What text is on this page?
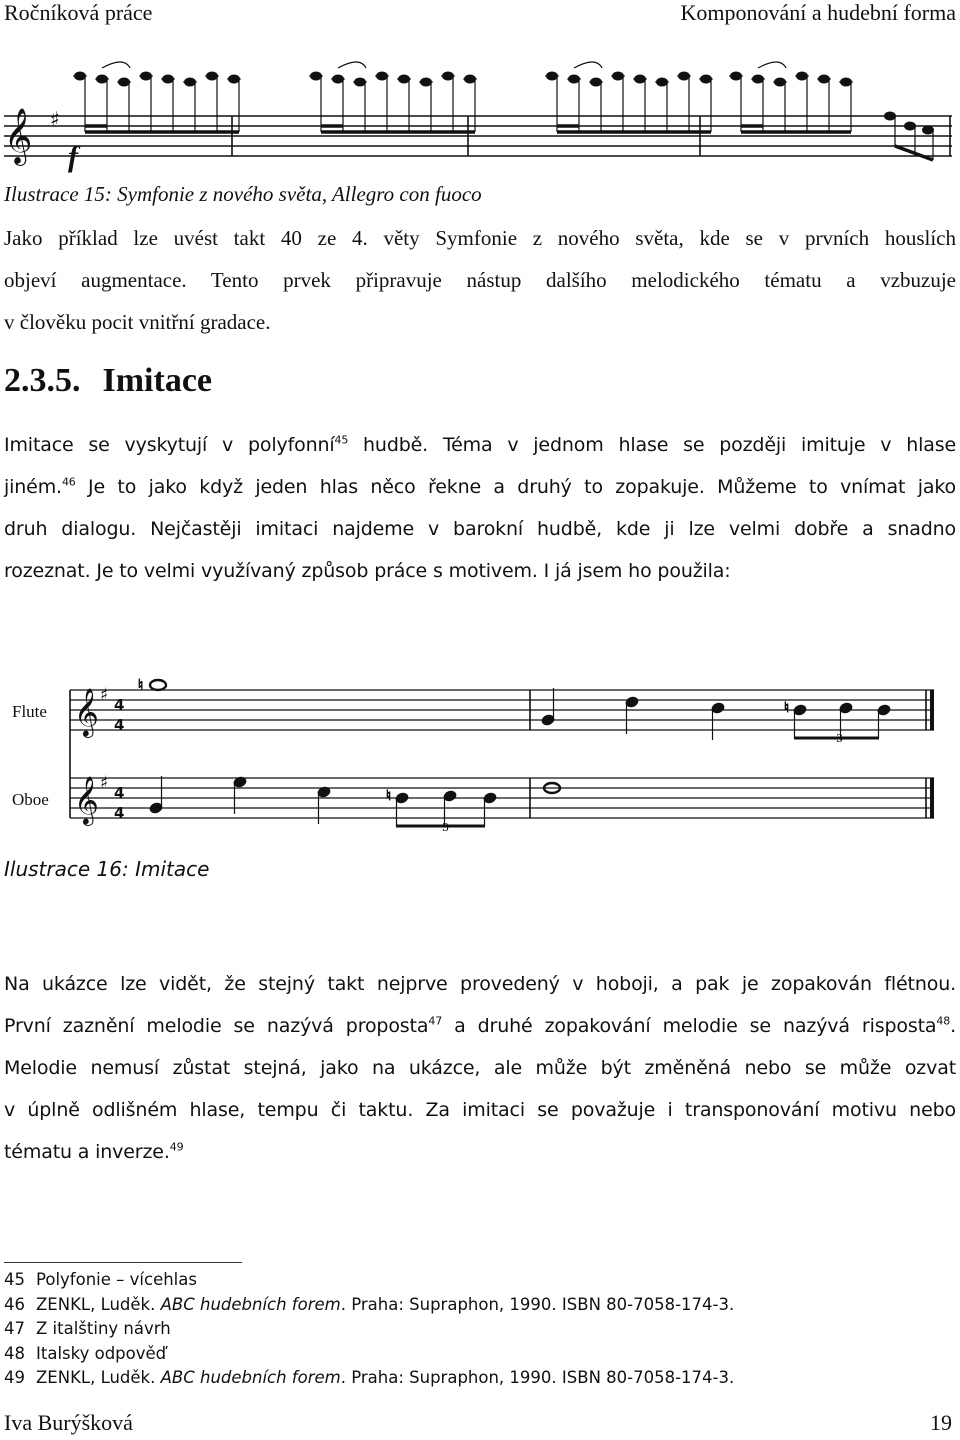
Ročníková práce	Komponování a hudební forma
𝄞 ♯
f
Ilustrace 15: Symfonie z nového světa, Allegro con fuoco
Jako příklad lze uvést takt 40 ze 4. věty Symfonie z nového světa, kde se v prvních houslích
objeví augmentace. Tento prvek připravuje nástup dalšího melodického tématu a vzbuzuje
v člověku pocit vnitřní gradace.
2.3.5. Imitace
Imitace se vyskytují v polyfonní$^{45}$ hudbě. Téma v jednom hlase se později imituje v hlase
jiném.$^{46}$ Je to jako když jeden hlas něco řekne a druhý to zopakuje. Můžeme to vnímat jako
druh dialogu. Nejčastěji imitaci najdeme v barokní hudbě, kde ji lze velmi dobře a snadno
rozeznat. Je to velmi využívaný způsob práce s motivem. I já jsem ho použila:
𝄞
𝄞
♯
♯
4
4
4
4
♮
♮
♮
3
3
Flute
Oboe
Ilustrace 16: Imitace
Na ukázce lze vidět, že stejný takt nejprve provedený v hoboji, a pak je zopakován flétnou.
První zaznění melodie se nazývá proposta$^{47}$ a druhé zopakování melodie se nazývá risposta$^{48}$.
Melodie nemusí zůstat stejná, jako na ukázce, ale může být změněná nebo se může ozvat
v úplně odlišném hlase, tempu či taktu. Za imitaci se považuje i transponování motivu nebo
tématu a inverze.$^{49}$
45 Polyfonie – vícehlas
46 ZENKL, Luděk. ABC hudebních forem. Praha: Supraphon, 1990. ISBN 80-7058-174-3.
47 Z italštiny návrh
48 Italsky odpověď
49 ZENKL, Luděk. ABC hudebních forem. Praha: Supraphon, 1990. ISBN 80-7058-174-3.
Iva Burýšková	19
